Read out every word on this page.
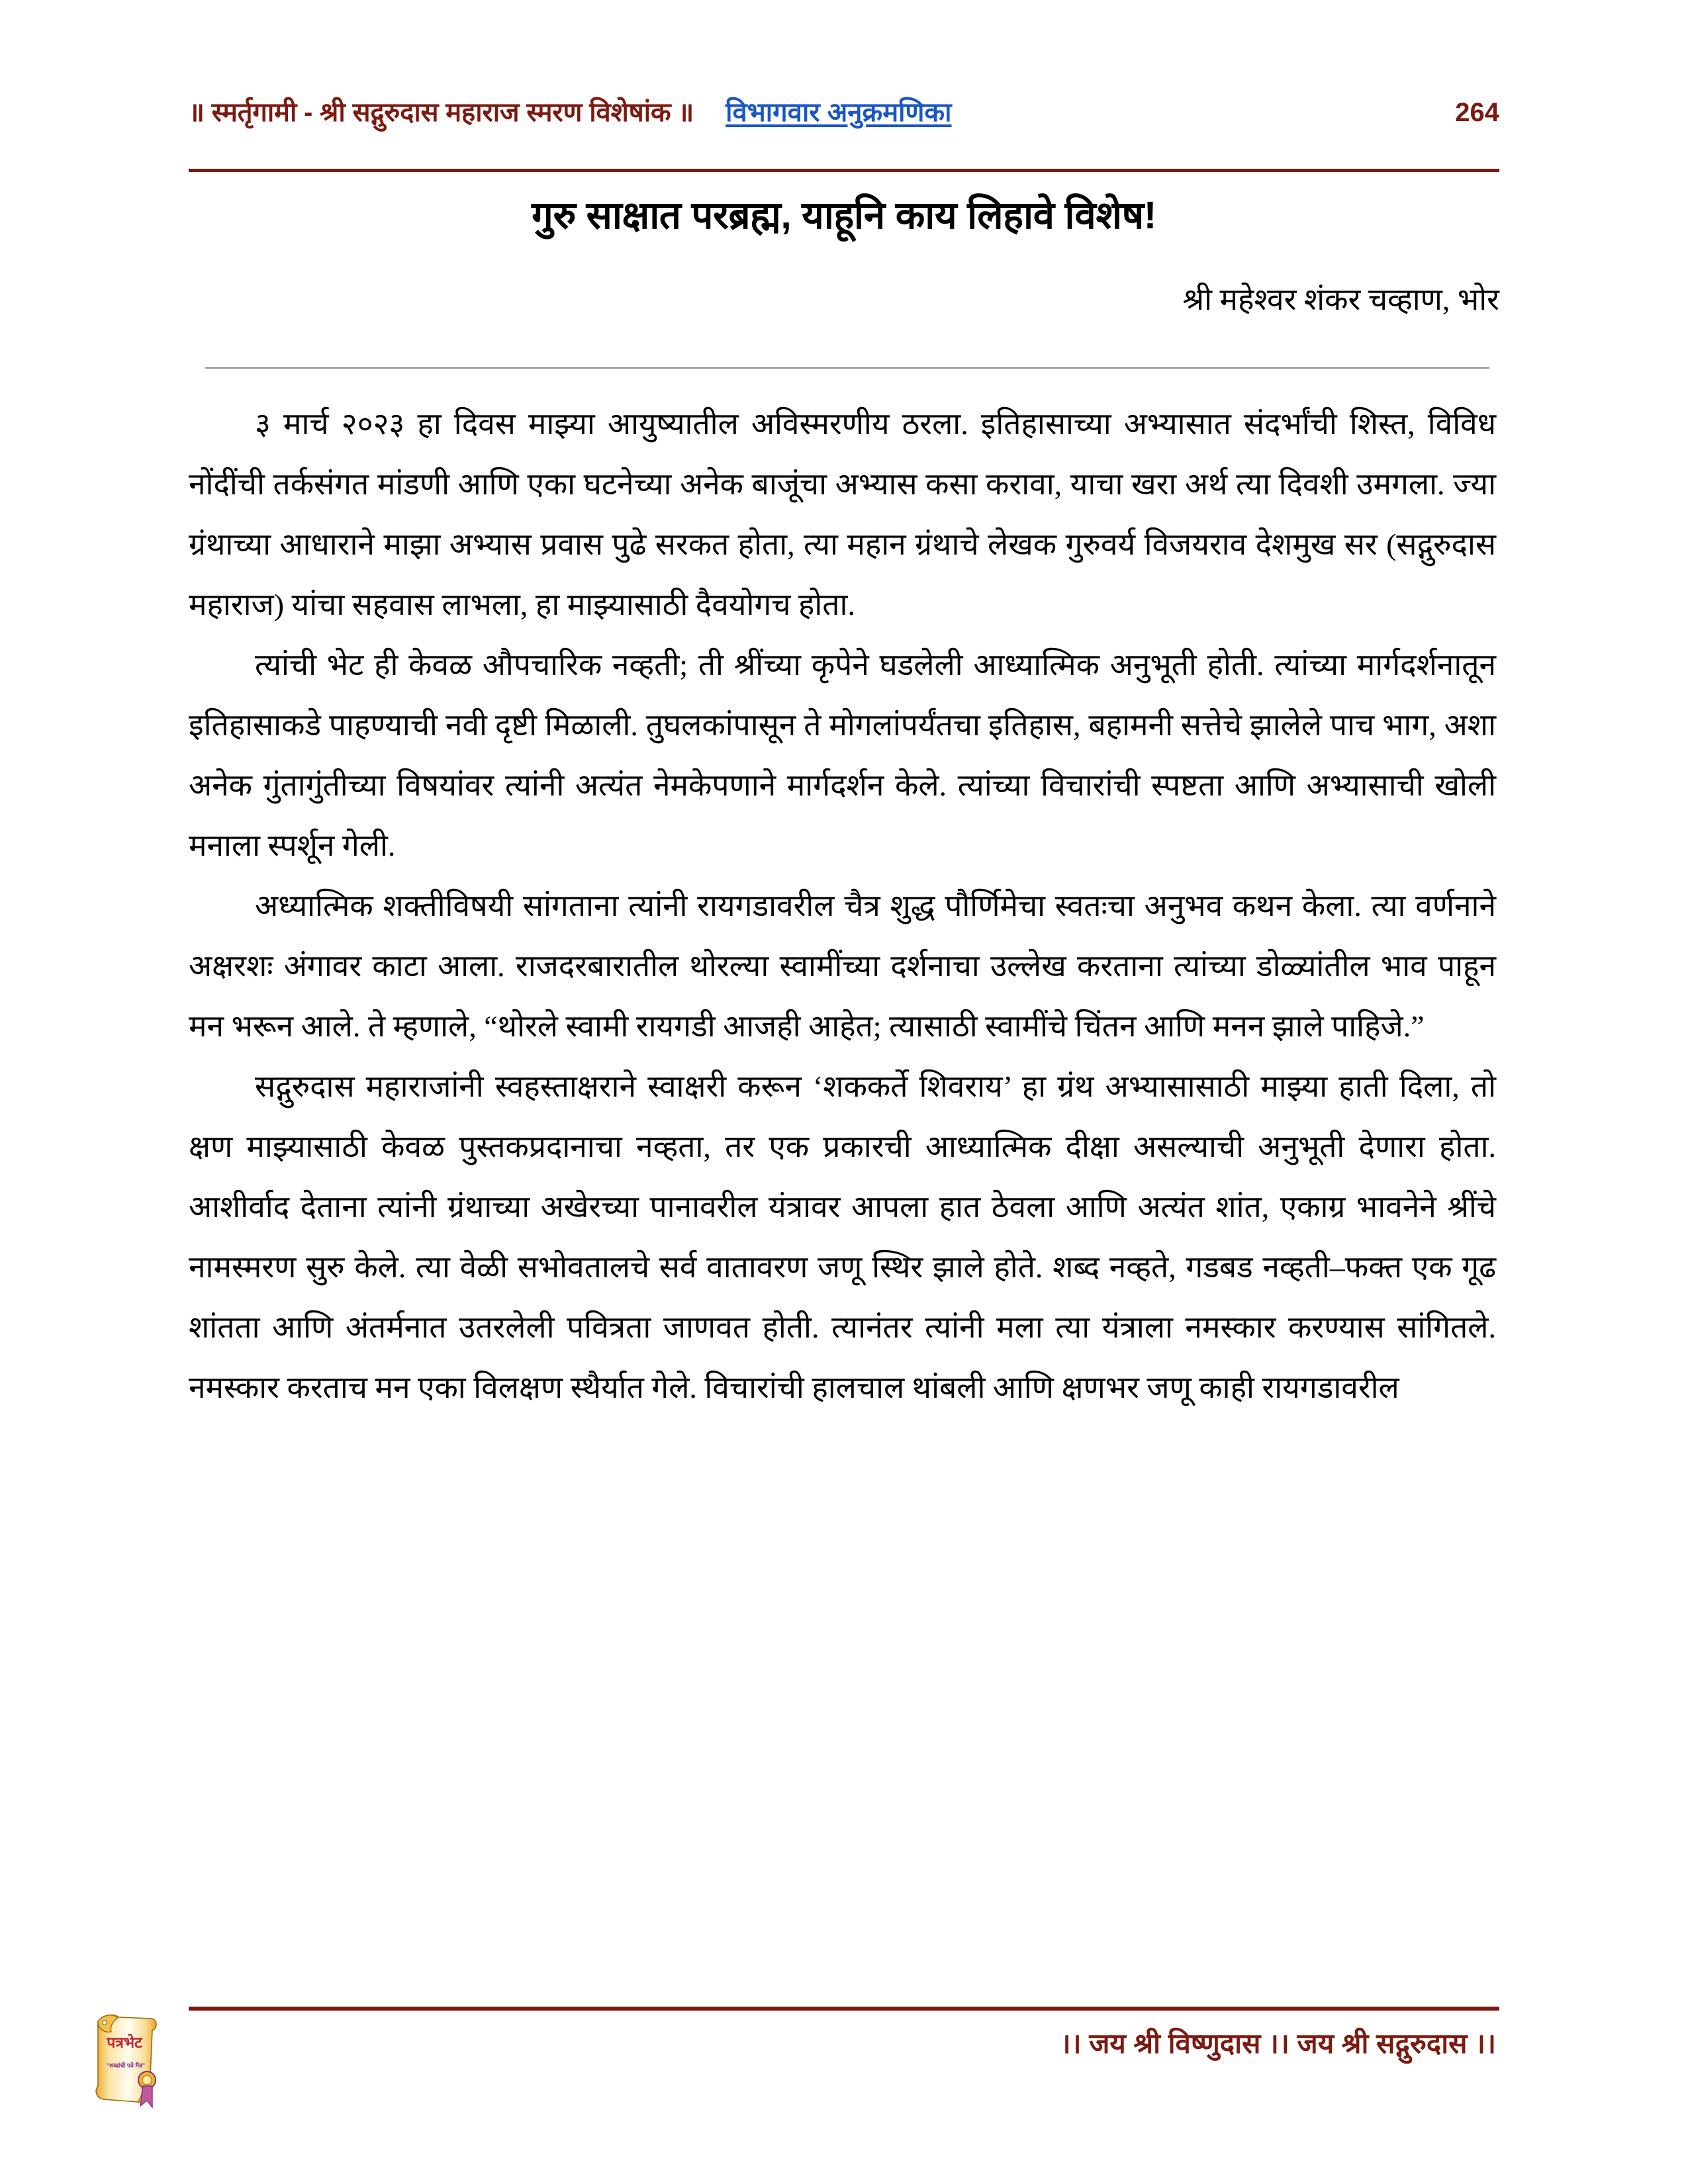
॥ स्मर्तृगामी - श्री सद्गुरुदास महाराज स्मरण विशेषांक ॥ विभागवार अनुक्रमणिका	264
गुरु साक्षात परब्रह्म, याहूनि काय लिहावे विशेष!
श्री महेश्वर शंकर चव्हाण, भोर

३ मार्च २०२३ हा दिवस माझ्या आयुष्यातील अविस्मरणीय ठरला. इतिहासाच्या अभ्यासात संदर्भांची शिस्त, विविध नोंदींची तर्कसंगत मांडणी आणि एका घटनेच्या अनेक बाजूंचा अभ्यास कसा करावा, याचा खरा अर्थ त्या दिवशी उमगला. ज्या ग्रंथाच्या आधाराने माझा अभ्यास प्रवास पुढे सरकत होता, त्या महान ग्रंथाचे लेखक गुरुवर्य विजयराव देशमुख सर (सद्गुरुदास महाराज) यांचा सहवास लाभला, हा माझ्यासाठी दैवयोगच होता.

त्यांची भेट ही केवळ औपचारिक नव्हती; ती श्रींच्या कृपेने घडलेली आध्यात्मिक अनुभूती होती. त्यांच्या मार्गदर्शनातून इतिहासाकडे पाहण्याची नवी दृष्टी मिळाली. तुघलकांपासून ते मोगलांपर्यंतचा इतिहास, बहामनी सत्तेचे झालेले पाच भाग, अशा अनेक गुंतागुंतीच्या विषयांवर त्यांनी अत्यंत नेमकेपणाने मार्गदर्शन केले. त्यांच्या विचारांची स्पष्टता आणि अभ्यासाची खोली मनाला स्पर्शून गेली.

अध्यात्मिक शक्तीविषयी सांगताना त्यांनी रायगडावरील चैत्र शुद्ध पौर्णिमेचा स्वतःचा अनुभव कथन केला. त्या वर्णनाने अक्षरशः अंगावर काटा आला. राजदरबारातील थोरल्या स्वामींच्या दर्शनाचा उल्लेख करताना त्यांच्या डोळ्यांतील भाव पाहून मन भरून आले. ते म्हणाले, “थोरले स्वामी रायगडी आजही आहेत; त्यासाठी स्वामींचे चिंतन आणि मनन झाले पाहिजे.”

सद्गुरुदास महाराजांनी स्वहस्ताक्षराने स्वाक्षरी करून ‘शककर्ते शिवराय’ हा ग्रंथ अभ्यासासाठी माझ्या हाती दिला, तो क्षण माझ्यासाठी केवळ पुस्तकप्रदानाचा नव्हता, तर एक प्रकारची आध्यात्मिक दीक्षा असल्याची अनुभूती देणारा होता. आशीर्वाद देताना त्यांनी ग्रंथाच्या अखेरच्या पानावरील यंत्रावर आपला हात ठेवला आणि अत्यंत शांत, एकाग्र भावनेने श्रींचे नामस्मरण सुरु केले. त्या वेळी सभोवतालचे सर्व वातावरण जणू स्थिर झाले होते. शब्द नव्हते, गडबड नव्हती–फक्त एक गूढ शांतता आणि अंतर्मनात उतरलेली पवित्रता जाणवत होती. त्यानंतर त्यांनी मला त्या यंत्राला नमस्कार करण्यास सांगितले. नमस्कार करताच मन एका विलक्षण स्थैर्यात गेले. विचारांची हालचाल थांबली आणि क्षणभर जणू काही रायगडावरील

।। जय श्री विष्णुदास ।। जय श्री सद्गुरुदास ।।
पत्रभेट
"शब्दांची पत्रे मैत्र"
